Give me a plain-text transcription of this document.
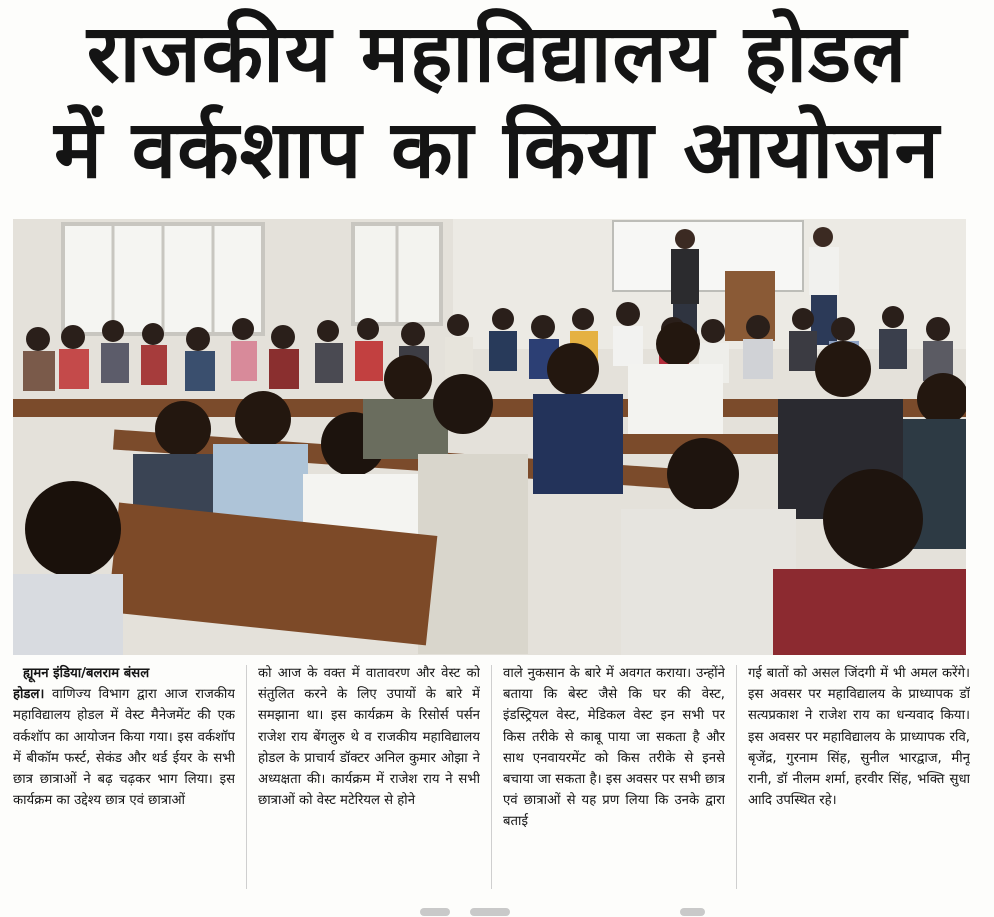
राजकीय महाविद्यालय होडल
में वर्कशाप का किया आयोजन
ह्यूमन इंडिया/बलराम बंसल
होडल। वाणिज्य विभाग द्वारा आज राजकीय महाविद्यालय होडल में वेस्ट मैनेजमेंट की एक वर्कशॉप का आयोजन किया गया। इस वर्कशॉप में बीकॉम फर्स्ट, सेकंड और थर्ड ईयर के सभी छात्र छात्राओं ने बढ़ चढ़कर भाग लिया। इस कार्यक्रम का उद्देश्य छात्र एवं छात्राओं
को आज के वक्त में वातावरण और वेस्ट को संतुलित करने के लिए उपायों के बारे में समझाना था। इस कार्यक्रम के रिसोर्स पर्सन राजेश राय बेंगलुरु थे व राजकीय महाविद्यालय होडल के प्राचार्य डॉक्टर अनिल कुमार ओझा ने अध्यक्षता की। कार्यक्रम में राजेश राय ने सभी छात्राओं को वेस्ट मटेरियल से होने
वाले नुकसान के बारे में अवगत कराया। उन्होंने बताया कि बेस्ट जैसे कि घर की वेस्ट, इंडस्ट्रियल वेस्ट, मेडिकल वेस्ट इन सभी पर किस तरीके से काबू पाया जा सकता है और साथ एनवायरमेंट को किस तरीके से इनसे बचाया जा सकता है। इस अवसर पर सभी छात्र एवं छात्राओं से यह प्रण लिया कि उनके द्वारा बताई
गई बातों को असल जिंदगी में भी अमल करेंगे। इस अवसर पर महाविद्यालय के प्राध्यापक डॉ सत्यप्रकाश ने राजेश राय का धन्यवाद किया। इस अवसर पर महाविद्यालय के प्राध्यापक रवि, बृजेंद्र, गुरनाम सिंह, सुनील भारद्वाज, मीनू रानी, डॉ नीलम शर्मा, हरवीर सिंह, भक्ति सुधा आदि उपस्थित रहे।
